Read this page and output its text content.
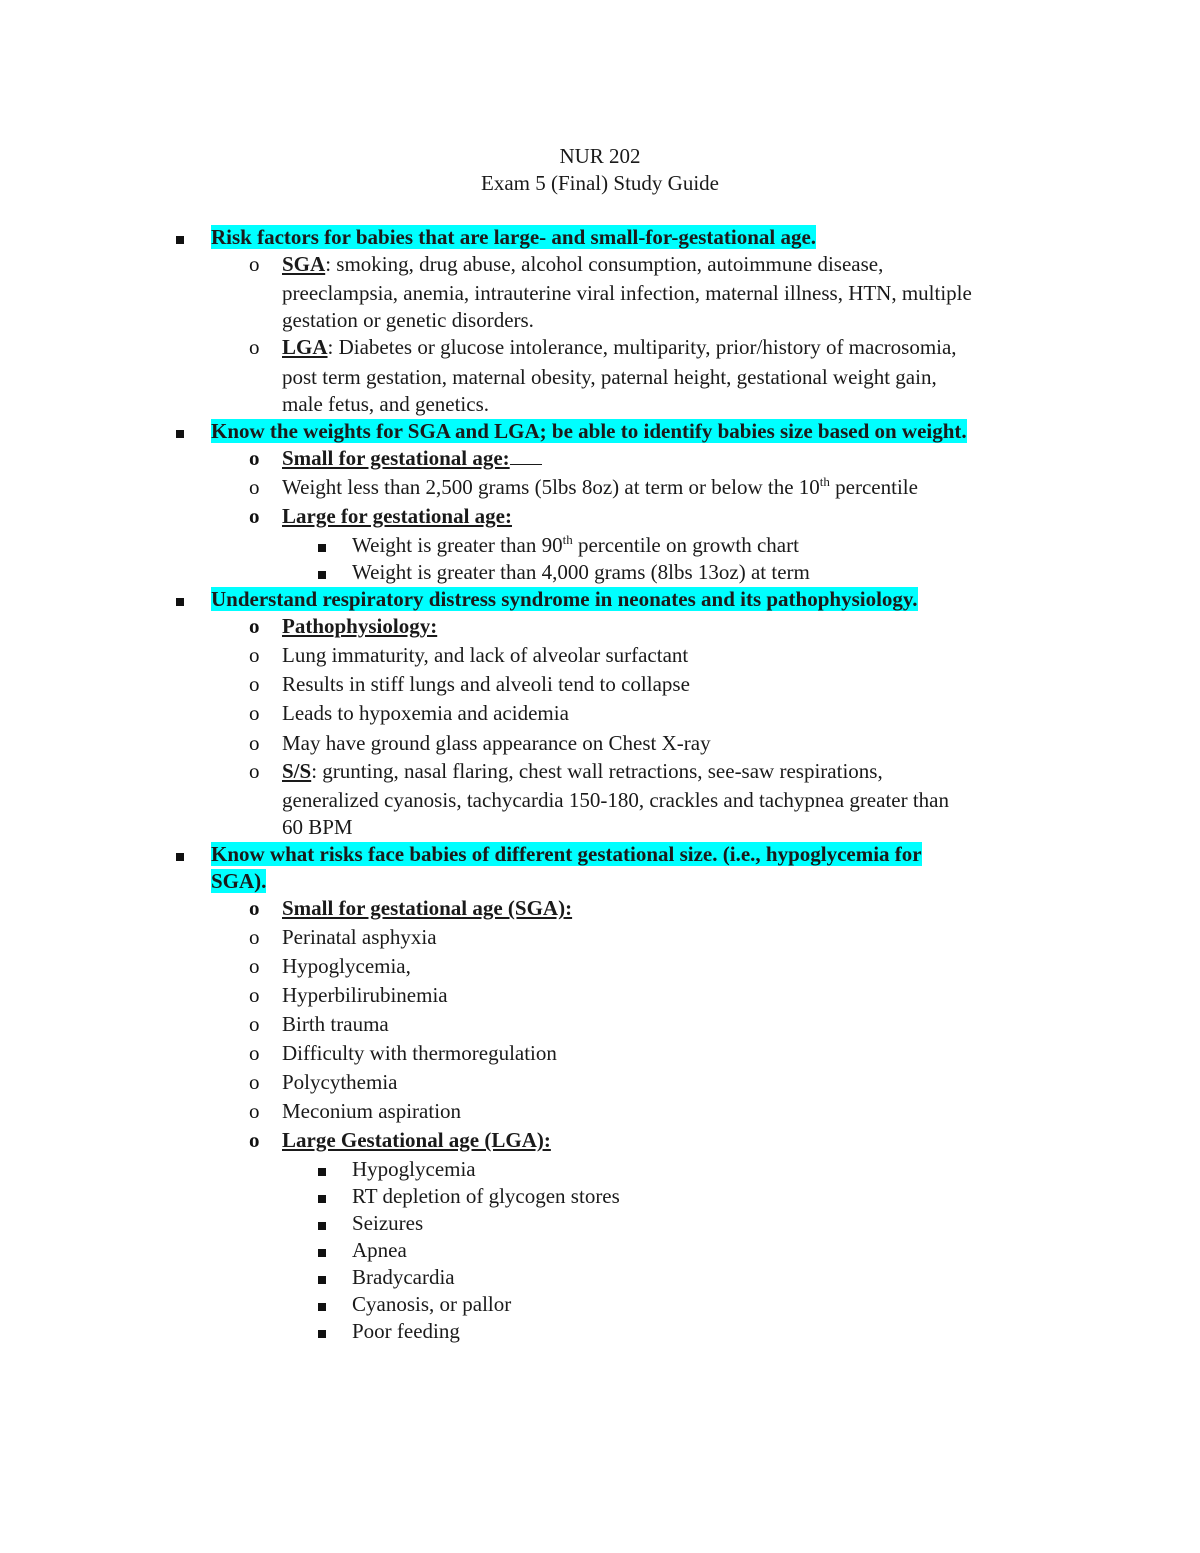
NUR 202
Exam 5 (Final) Study Guide
Risk factors for babies that are large- and small-for-gestational age.
o SGA: smoking, drug abuse, alcohol consumption, autoimmune disease,
preeclampsia, anemia, intrauterine viral infection, maternal illness, HTN, multiple
gestation or genetic disorders.
o LGA: Diabetes or glucose intolerance, multiparity, prior/history of macrosomia,
post term gestation, maternal obesity, paternal height, gestational weight gain,
male fetus, and genetics.
Know the weights for SGA and LGA; be able to identify babies size based on weight.
o Small for gestational age:
o Weight less than 2,500 grams (5lbs 8oz) at term or below the 10th percentile
o Large for gestational age:
Weight is greater than 90th percentile on growth chart
Weight is greater than 4,000 grams (8lbs 13oz) at term
Understand respiratory distress syndrome in neonates and its pathophysiology.
o Pathophysiology:
o Lung immaturity, and lack of alveolar surfactant
o Results in stiff lungs and alveoli tend to collapse
o Leads to hypoxemia and acidemia
o May have ground glass appearance on Chest X-ray
o S/S: grunting, nasal flaring, chest wall retractions, see-saw respirations,
generalized cyanosis, tachycardia 150-180, crackles and tachypnea greater than
60 BPM
Know what risks face babies of different gestational size. (i.e., hypoglycemia for
SGA).
o Small for gestational age (SGA):
o Perinatal asphyxia
o Hypoglycemia,
o Hyperbilirubinemia
o Birth trauma
o Difficulty with thermoregulation
o Polycythemia
o Meconium aspiration
o Large Gestational age (LGA):
Hypoglycemia
RT depletion of glycogen stores
Seizures
Apnea
Bradycardia
Cyanosis, or pallor
Poor feeding
